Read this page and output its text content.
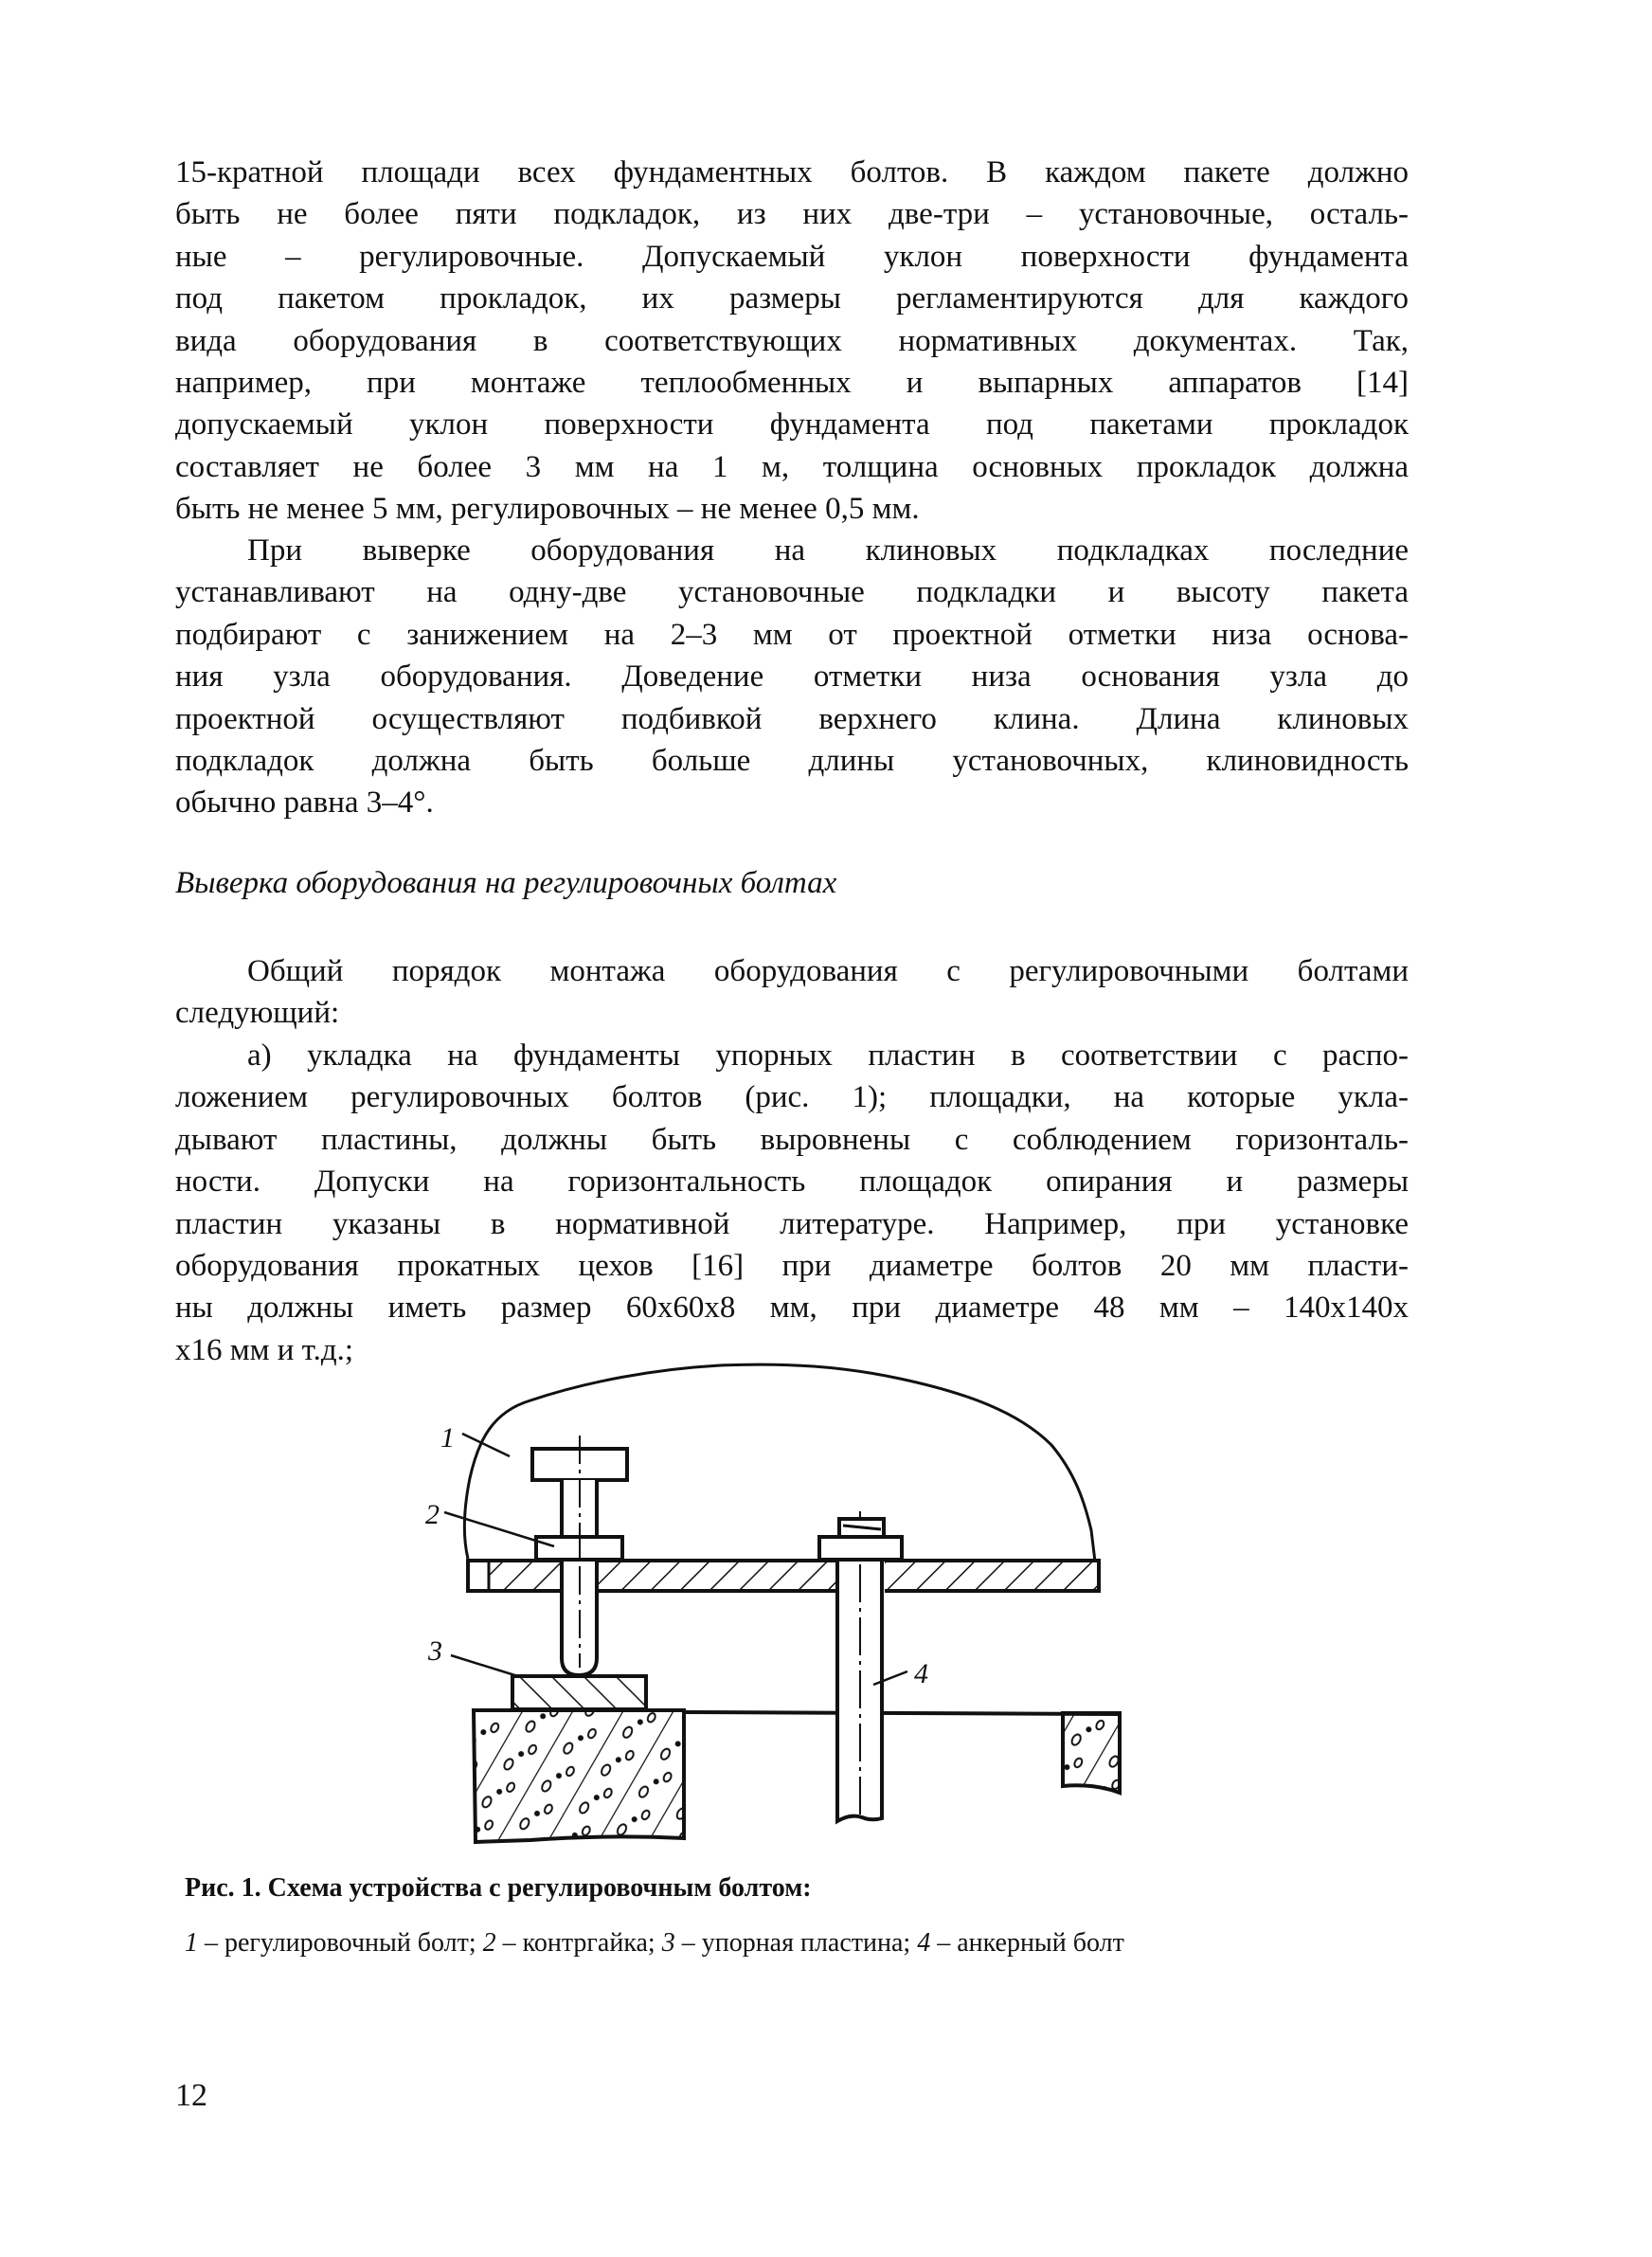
15-кратной площади всех фундаментных болтов. В каждом пакете должно
быть не более пяти подкладок, из них две-три – установочные, осталь-
ные – регулировочные. Допускаемый уклон поверхности фундамента
под пакетом прокладок, их размеры регламентируются для каждого
вида оборудования в соответствующих нормативных документах. Так,
например, при монтаже теплообменных и выпарных аппаратов [14]
допускаемый уклон поверхности фундамента под пакетами прокладок
составляет не более 3 мм на 1 м, толщина основных прокладок должна
быть не менее 5 мм, регулировочных – не менее 0,5 мм.
При выверке оборудования на клиновых подкладках последние
устанавливают на одну-две установочные подкладки и высоту пакета
подбирают с занижением на 2–3 мм от проектной отметки низа основа-
ния узла оборудования. Доведение отметки низа основания узла до
проектной осуществляют подбивкой верхнего клина. Длина клиновых
подкладок должна быть больше длины установочных, клиновидность
обычно равна 3–4°.
Выверка оборудования на регулировочных болтах
Общий порядок монтажа оборудования с регулировочными болтами
следующий:
а) укладка на фундаменты упорных пластин в соответствии с распо-
ложением регулировочных болтов (рис. 1); площадки, на которые укла-
дывают пластины, должны быть выровнены с соблюдением горизонталь-
ности. Допуски на горизонтальность площадок опирания и размеры
пластин указаны в нормативной литературе. Например, при установке
оборудования прокатных цехов [16] при диаметре болтов 20 мм пласти-
ны должны иметь размер 60х60х8 мм, при диаметре 48 мм – 140х140х
х16 мм и т.д.;
1
2
3
4
Рис. 1. Схема устройства с регулировочным болтом:
1 – регулировочный болт; 2 – контргайка; 3 – упорная пластина; 4 – анкерный болт
12
